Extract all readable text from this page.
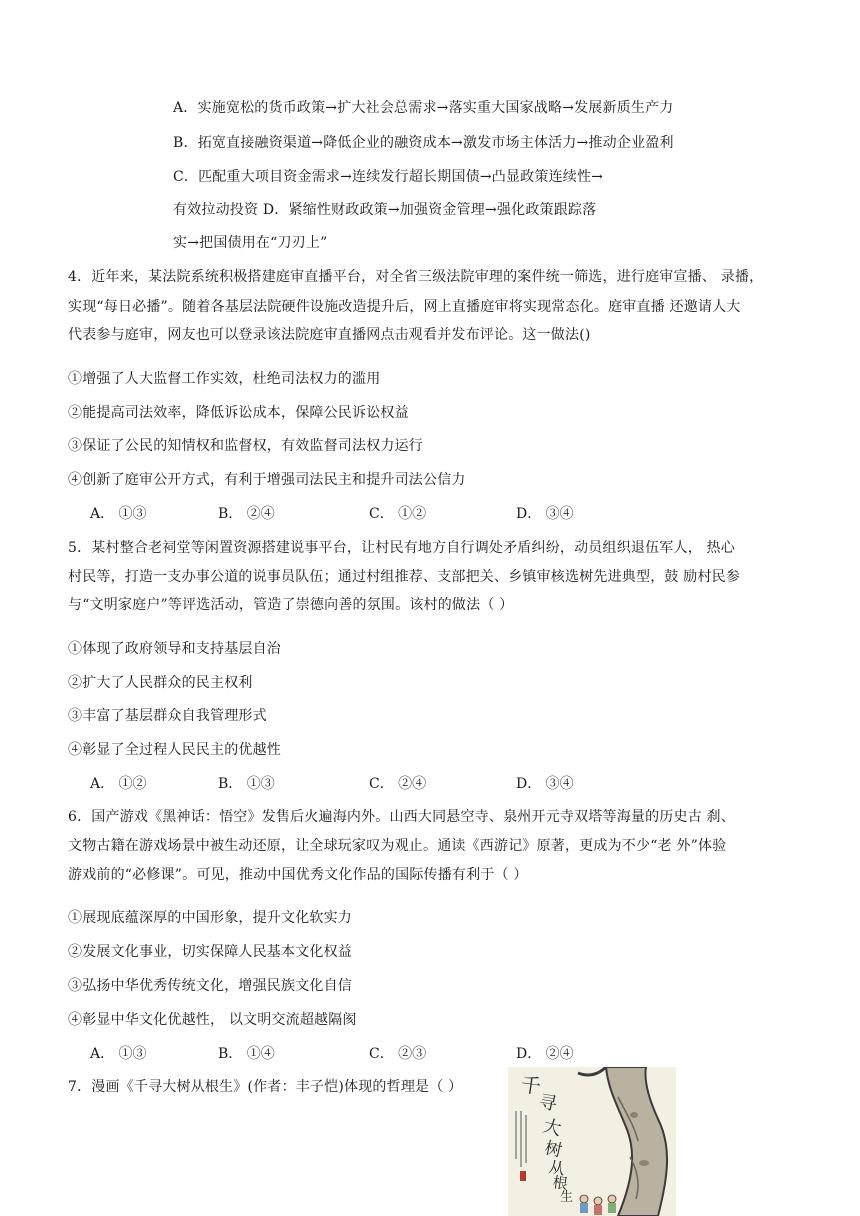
A．实施宽松的货币政策→扩大社会总需求→落实重大国家战略→发展新质生产力
B．拓宽直接融资渠道→降低企业的融资成本→激发市场主体活力→推动企业盈利
C．匹配重大项目资金需求→连续发行超长期国债→凸显政策连续性→
有效拉动投资 D．紧缩性财政政策→加强资金管理→强化政策跟踪落
实→把国债用在“刀刃上”
4．近年来，某法院系统积极搭建庭审直播平台，对全省三级法院审理的案件统一筛选，进行庭审宣播、 录播，
实现“每日必播”。随着各基层法院硬件设施改造提升后，网上直播庭审将实现常态化。庭审直播 还邀请人大
代表参与庭审，网友也可以登录该法院庭审直播网点击观看并发布评论。这一做法()
①增强了人大监督工作实效，杜绝司法权力的滥用
②能提高司法效率，降低诉讼成本，保障公民诉讼权益
③保证了公民的知情权和监督权，有效监督司法权力运行
④创新了庭审公开方式，有利于增强司法民主和提升司法公信力
A． ①③	B． ②④	C． ①②	D． ③④
5．某村整合老祠堂等闲置资源搭建说事平台，让村民有地方自行调处矛盾纠纷，动员组织退伍军人， 热心
村民等，打造一支办事公道的说事员队伍；通过村组推荐、支部把关、乡镇审核选树先进典型，鼓 励村民参
与“文明家庭户”等评选活动，管造了崇德向善的氛围。该村的做法（ ）
①体现了政府领导和支持基层自治
②扩大了人民群众的民主权利
③丰富了基层群众自我管理形式
④彰显了全过程人民民主的优越性
A． ①②	B． ①③	C． ②④	D． ③④
6．国产游戏《黑神话：悟空》发售后火遍海内外。山西大同悬空寺、泉州开元寺双塔等海量的历史古 刹、
文物古籍在游戏场景中被生动还原，让全球玩家叹为观止。通读《西游记》原著，更成为不少“老 外”体验
游戏前的“必修课”。可见，推动中国优秀文化作品的国际传播有利于（ ）
①展现底蕴深厚的中国形象，提升文化软实力
②发展文化事业，切实保障人民基本文化权益
③弘扬中华优秀传统文化，增强民族文化自信
④彰显中华文化优越性， 以文明交流超越隔阂
A． ①③	B． ①④	C． ②③	D． ②④
7．漫画《千寻大树从根生》(作者：丰子恺)体现的哲理是（ ）	千
寻
大
树
从
根
生
